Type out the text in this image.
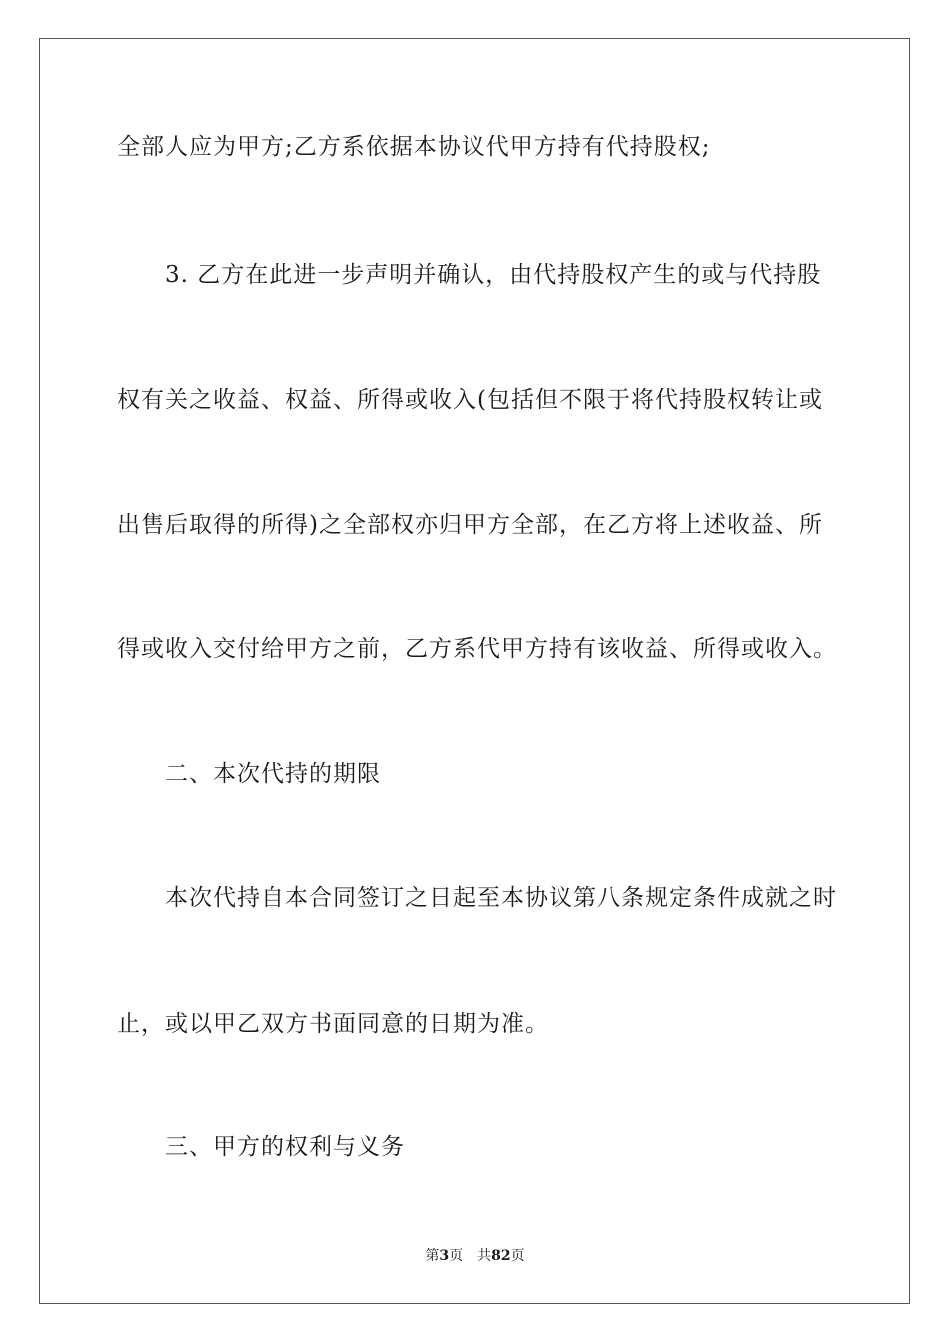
全部人应为甲方;乙方系依据本协议代甲方持有代持股权;
3. 乙方在此进一步声明并确认，由代持股权产生的或与代持股
权有关之收益、权益、所得或收入(包括但不限于将代持股权转让或
出售后取得的所得)之全部权亦归甲方全部，在乙方将上述收益、所
得或收入交付给甲方之前，乙方系代甲方持有该收益、所得或收入。
二、本次代持的期限
本次代持自本合同签订之日起至本协议第八条规定条件成就之时
止，或以甲乙双方书面同意的日期为准。
三、甲方的权利与义务
第3页 共82页
